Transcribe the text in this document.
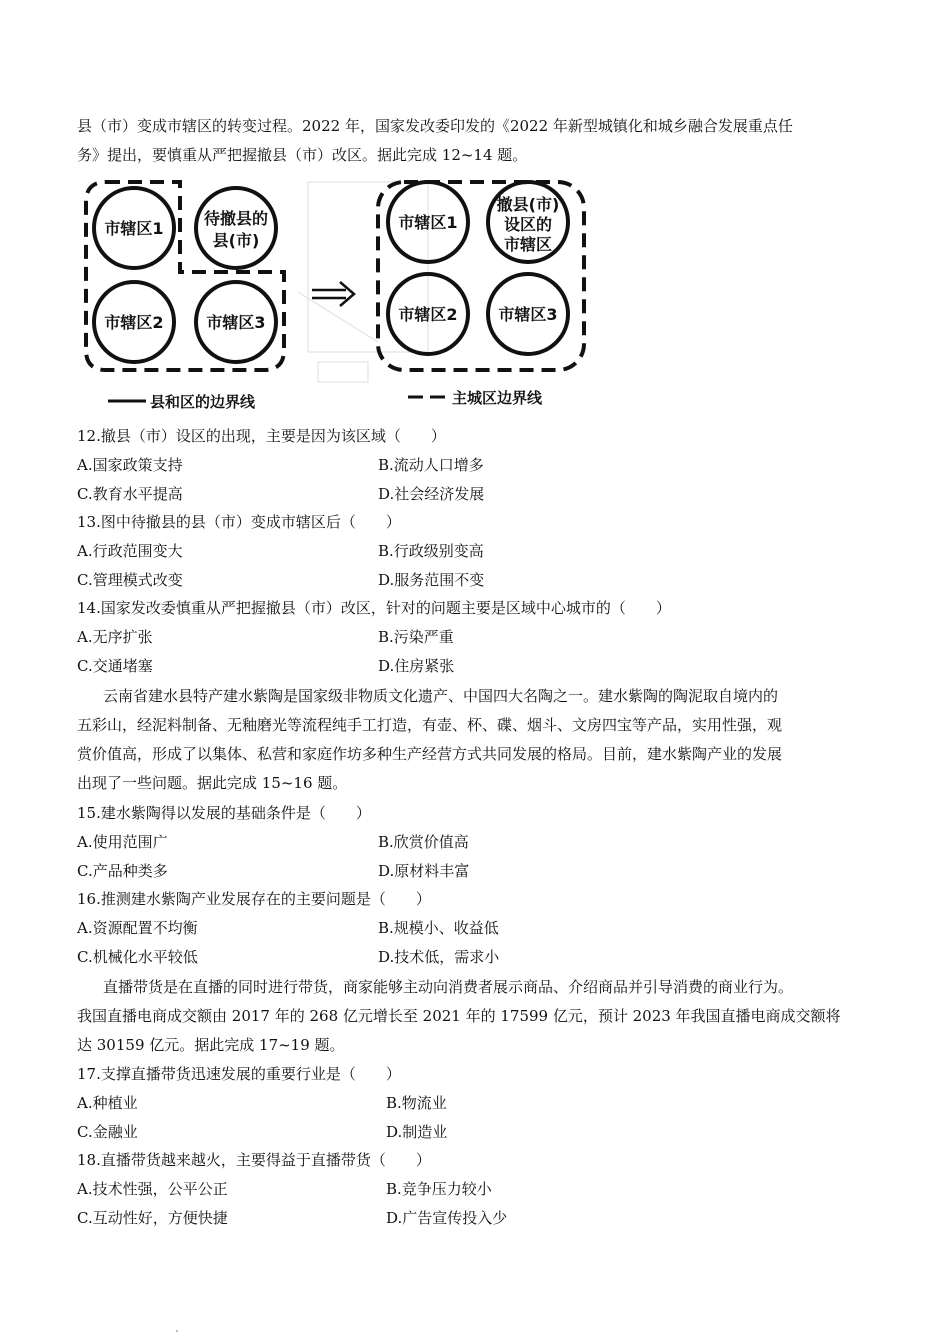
县（市）变成市辖区的转变过程。2022 年，国家发改委印发的《2022 年新型城镇化和城乡融合发展重点任
务》提出，要慎重从严把握撤县（市）改区。据此完成 12~14 题。
市辖区1
待撤县的
县(市)
市辖区2	市辖区3
市辖区1
撤县(市)
设区的
市辖区
市辖区2	市辖区3
县和区的边界线	主城区边界线
12.撤县（市）设区的出现，主要是因为该区域（　　）
A.国家政策支持	B.流动人口增多
C.教育水平提高	D.社会经济发展
13.图中待撤县的县（市）变成市辖区后（　　）
A.行政范围变大	B.行政级别变高
C.管理模式改变	D.服务范围不变
14.国家发改委慎重从严把握撤县（市）改区，针对的问题主要是区域中心城市的（　　）
A.无序扩张	B.污染严重
C.交通堵塞	D.住房紧张
云南省建水县特产建水紫陶是国家级非物质文化遗产、中国四大名陶之一。建水紫陶的陶泥取自境内的
五彩山，经泥料制备、无釉磨光等流程纯手工打造，有壶、杯、碟、烟斗、文房四宝等产品，实用性强，观
赏价值高，形成了以集体、私营和家庭作坊多种生产经营方式共同发展的格局。目前，建水紫陶产业的发展
出现了一些问题。据此完成 15~16 题。
15.建水紫陶得以发展的基础条件是（　　）
A.使用范围广	B.欣赏价值高
C.产品种类多	D.原材料丰富
16.推测建水紫陶产业发展存在的主要问题是（　　）
A.资源配置不均衡	B.规模小、收益低
C.机械化水平较低	D.技术低，需求小
直播带货是在直播的同时进行带货，商家能够主动向消费者展示商品、介绍商品并引导消费的商业行为。
我国直播电商成交额由 2017 年的 268 亿元增长至 2021 年的 17599 亿元，预计 2023 年我国直播电商成交额将
达 30159 亿元。据此完成 17~19 题。
17.支撑直播带货迅速发展的重要行业是（　　）
A.种植业	B.物流业
C.金融业	D.制造业
18.直播带货越来越火，主要得益于直播带货（　　）
A.技术性强，公平公正	B.竞争压力较小
C.互动性好，方便快捷	D.广告宣传投入少
